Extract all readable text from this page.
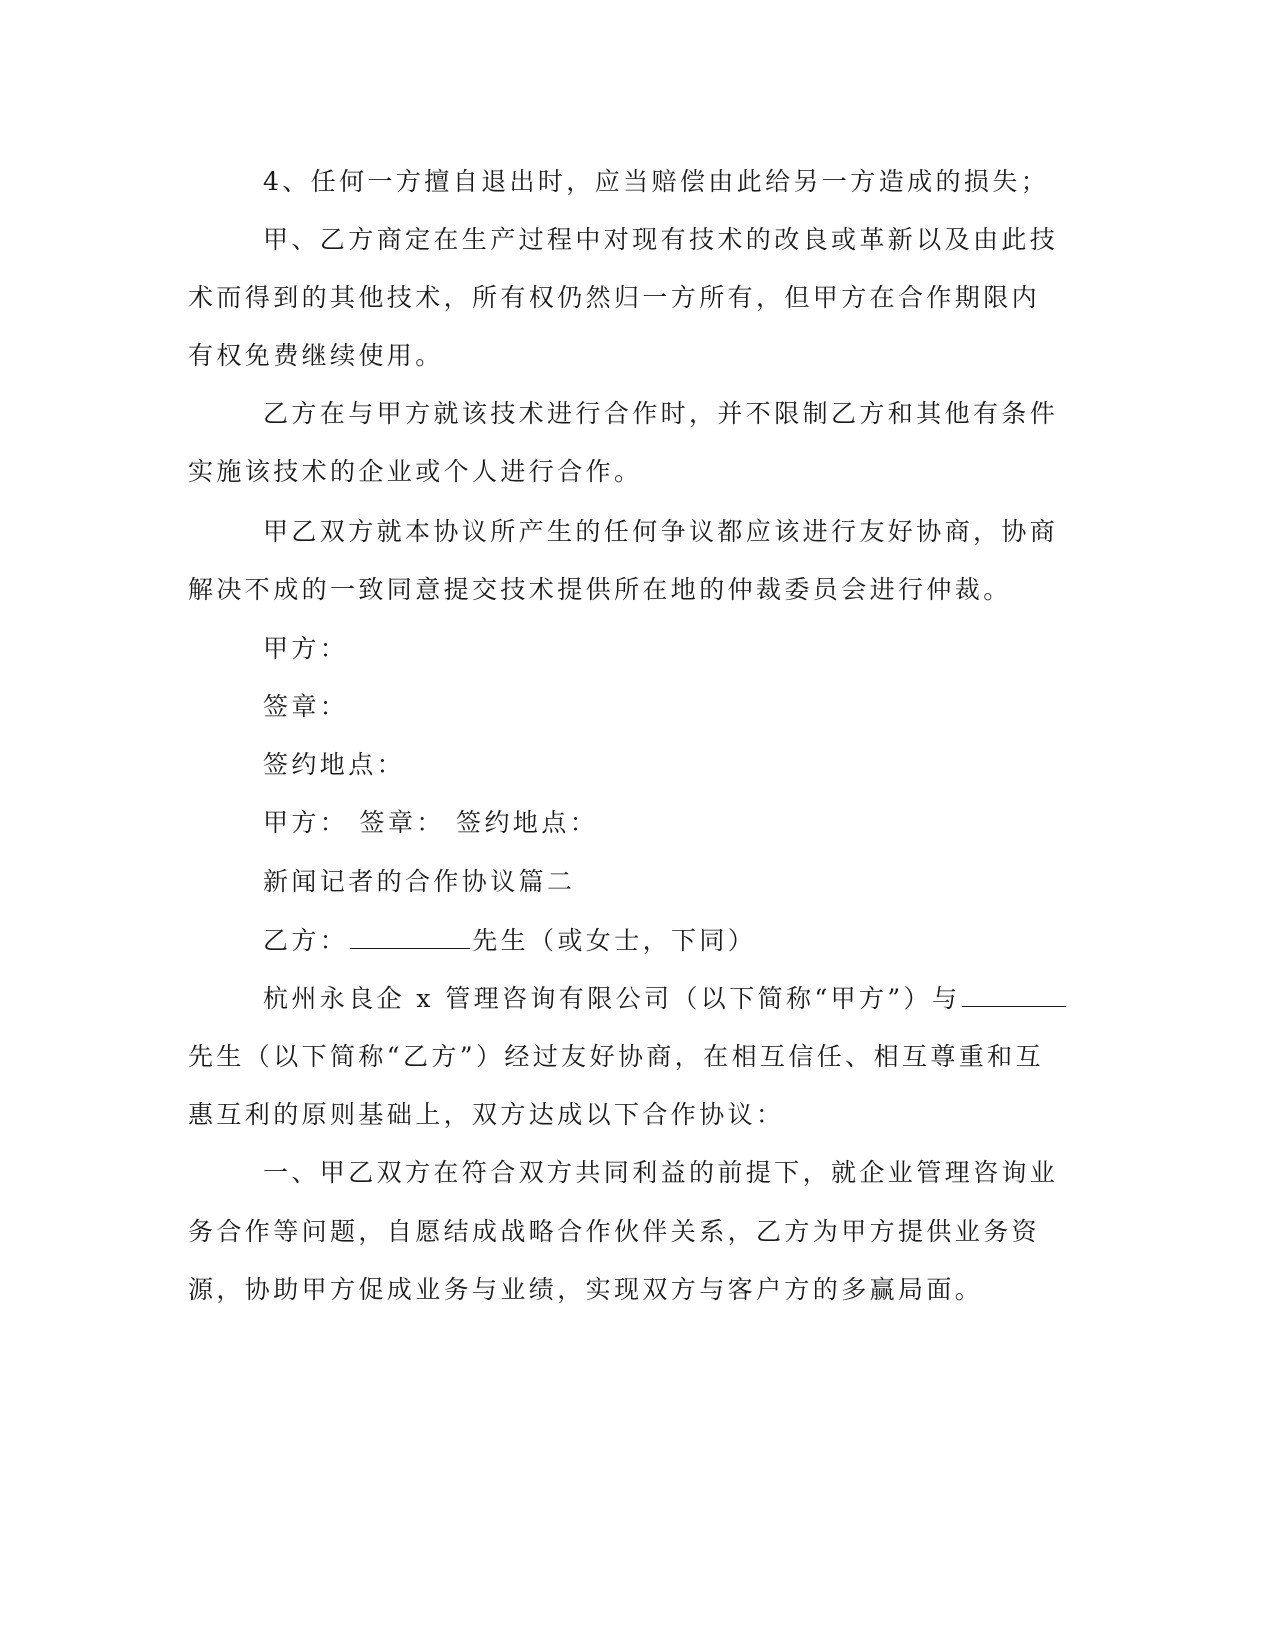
4、任何一方擅自退出时，应当赔偿由此给另一方造成的损失；
甲、乙方商定在生产过程中对现有技术的改良或革新以及由此技
术而得到的其他技术，所有权仍然归一方所有，但甲方在合作期限内
有权免费继续使用。
乙方在与甲方就该技术进行合作时，并不限制乙方和其他有条件
实施该技术的企业或个人进行合作。
甲乙双方就本协议所产生的任何争议都应该进行友好协商，协商
解决不成的一致同意提交技术提供所在地的仲裁委员会进行仲裁。
甲方：
签章：
签约地点：
甲方： 签章： 签约地点：
新闻记者的合作协议篇二
乙方：	先生（或女士，下同）
杭州永良企 x 管理咨询有限公司（以下简称“甲方”）与
先生（以下简称“乙方”）经过友好协商，在相互信任、相互尊重和互
惠互利的原则基础上，双方达成以下合作协议：
一、甲乙双方在符合双方共同利益的前提下，就企业管理咨询业
务合作等问题，自愿结成战略合作伙伴关系，乙方为甲方提供业务资
源，协助甲方促成业务与业绩，实现双方与客户方的多赢局面。
